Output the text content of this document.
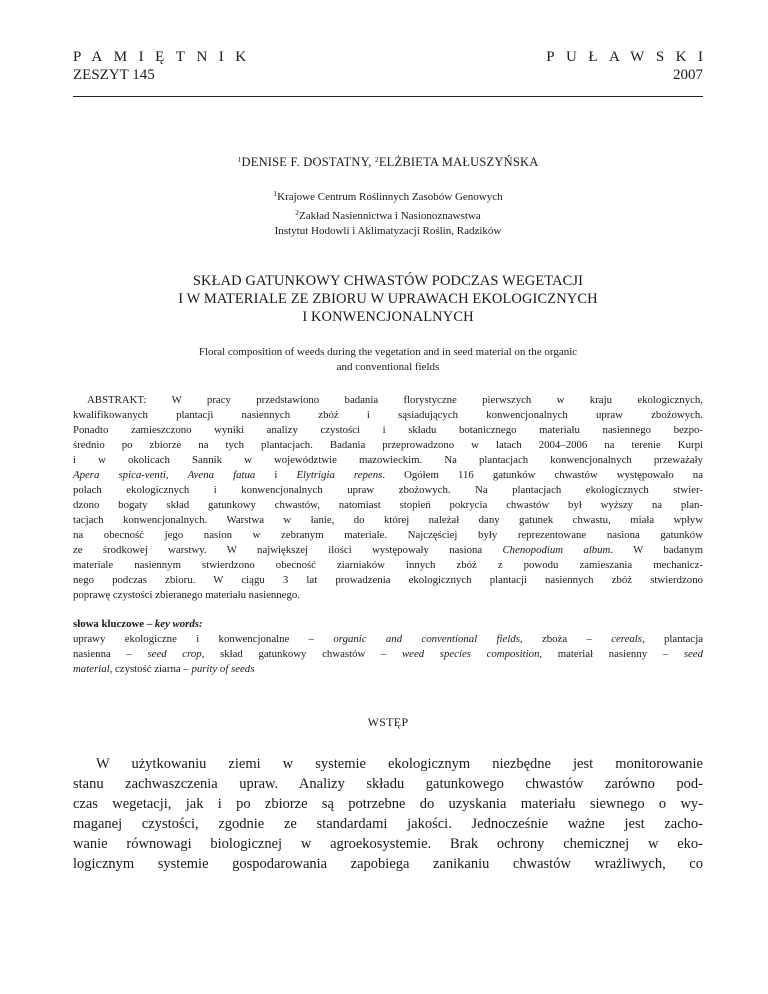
PAMIĘTNIK	PUŁAWSKI
ZESZYT 145	2007
$^1$DENISE F. DOSTATNY, $^2$ELŻBIETA MAŁUSZYŃSKA
$^1$Krajowe Centrum Roślinnych Zasobów Genowych
$^2$Zakład Nasiennictwa i Nasionoznawstwa
Instytut Hodowli i Aklimatyzacji Roślin, Radzików
SKŁAD GATUNKOWY CHWASTÓW PODCZAS WEGETACJI
I W MATERIALE ZE ZBIORU W UPRAWACH EKOLOGICZNYCH
I KONWENCJONALNYCH
Floral composition of weeds during the vegetation and in seed material on the organic
and conventional fields
ABSTRAKT: W pracy przedstawiono badania florystyczne pierwszych w kraju ekologicznych,
kwalifikowanych plantacji nasiennych zbóż i sąsiadujących konwencjonalnych upraw zbożowych.
Ponadto zamieszczono wyniki analizy czystości i składu botanicznego materiału nasiennego bezpo-
średnio po zbiorze na tych plantacjach. Badania przeprowadzono w latach 2004–2006 na terenie Kurpi
i w okolicach Sannik w województwie mazowieckim. Na plantacjach konwencjonalnych przeważały
Apera spica-venti, Avena fatua i Elytrigia repens. Ogółem 116 gatunków chwastów występowało na
polach ekologicznych i konwencjonalnych upraw zbożowych. Na plantacjach ekologicznych stwier-
dzono bogaty skład gatunkowy chwastów, natomiast stopień pokrycia chwastów był wyższy na plan-
tacjach konwencjonalnych. Warstwa w łanie, do której należał dany gatunek chwastu, miała wpływ
na obecność jego nasion w zebranym materiale. Najczęściej były reprezentowane nasiona gatunków
ze środkowej warstwy. W największej ilości występowały nasiona Chenopodium album. W badanym
materiale nasiennym stwierdzono obecność ziarniaków innych zbóż z powodu zamieszania mechanicz-
nego podczas zbioru. W ciągu 3 lat prowadzenia ekologicznych plantacji nasiennych zbóż stwierdzono
poprawę czystości zbieranego materiału nasiennego.
słowa kluczowe – key words:
uprawy ekologiczne i konwencjonalne – organic and conventional fields, zboża – cereals, plantacja
nasienna – seed crop, skład gatunkowy chwastów – weed species composition, materiał nasienny – seed
material, czystość ziarna – purity of seeds
WSTĘP
W użytkowaniu ziemi w systemie ekologicznym niezbędne jest monitorowanie
stanu zachwaszczenia upraw. Analizy składu gatunkowego chwastów zarówno pod-
czas wegetacji, jak i po zbiorze są potrzebne do uzyskania materiału siewnego o wy-
maganej czystości, zgodnie ze standardami jakości. Jednocześnie ważne jest zacho-
wanie równowagi biologicznej w agroekosystemie. Brak ochrony chemicznej w eko-
logicznym systemie gospodarowania zapobiega zanikaniu chwastów wrażliwych, co
